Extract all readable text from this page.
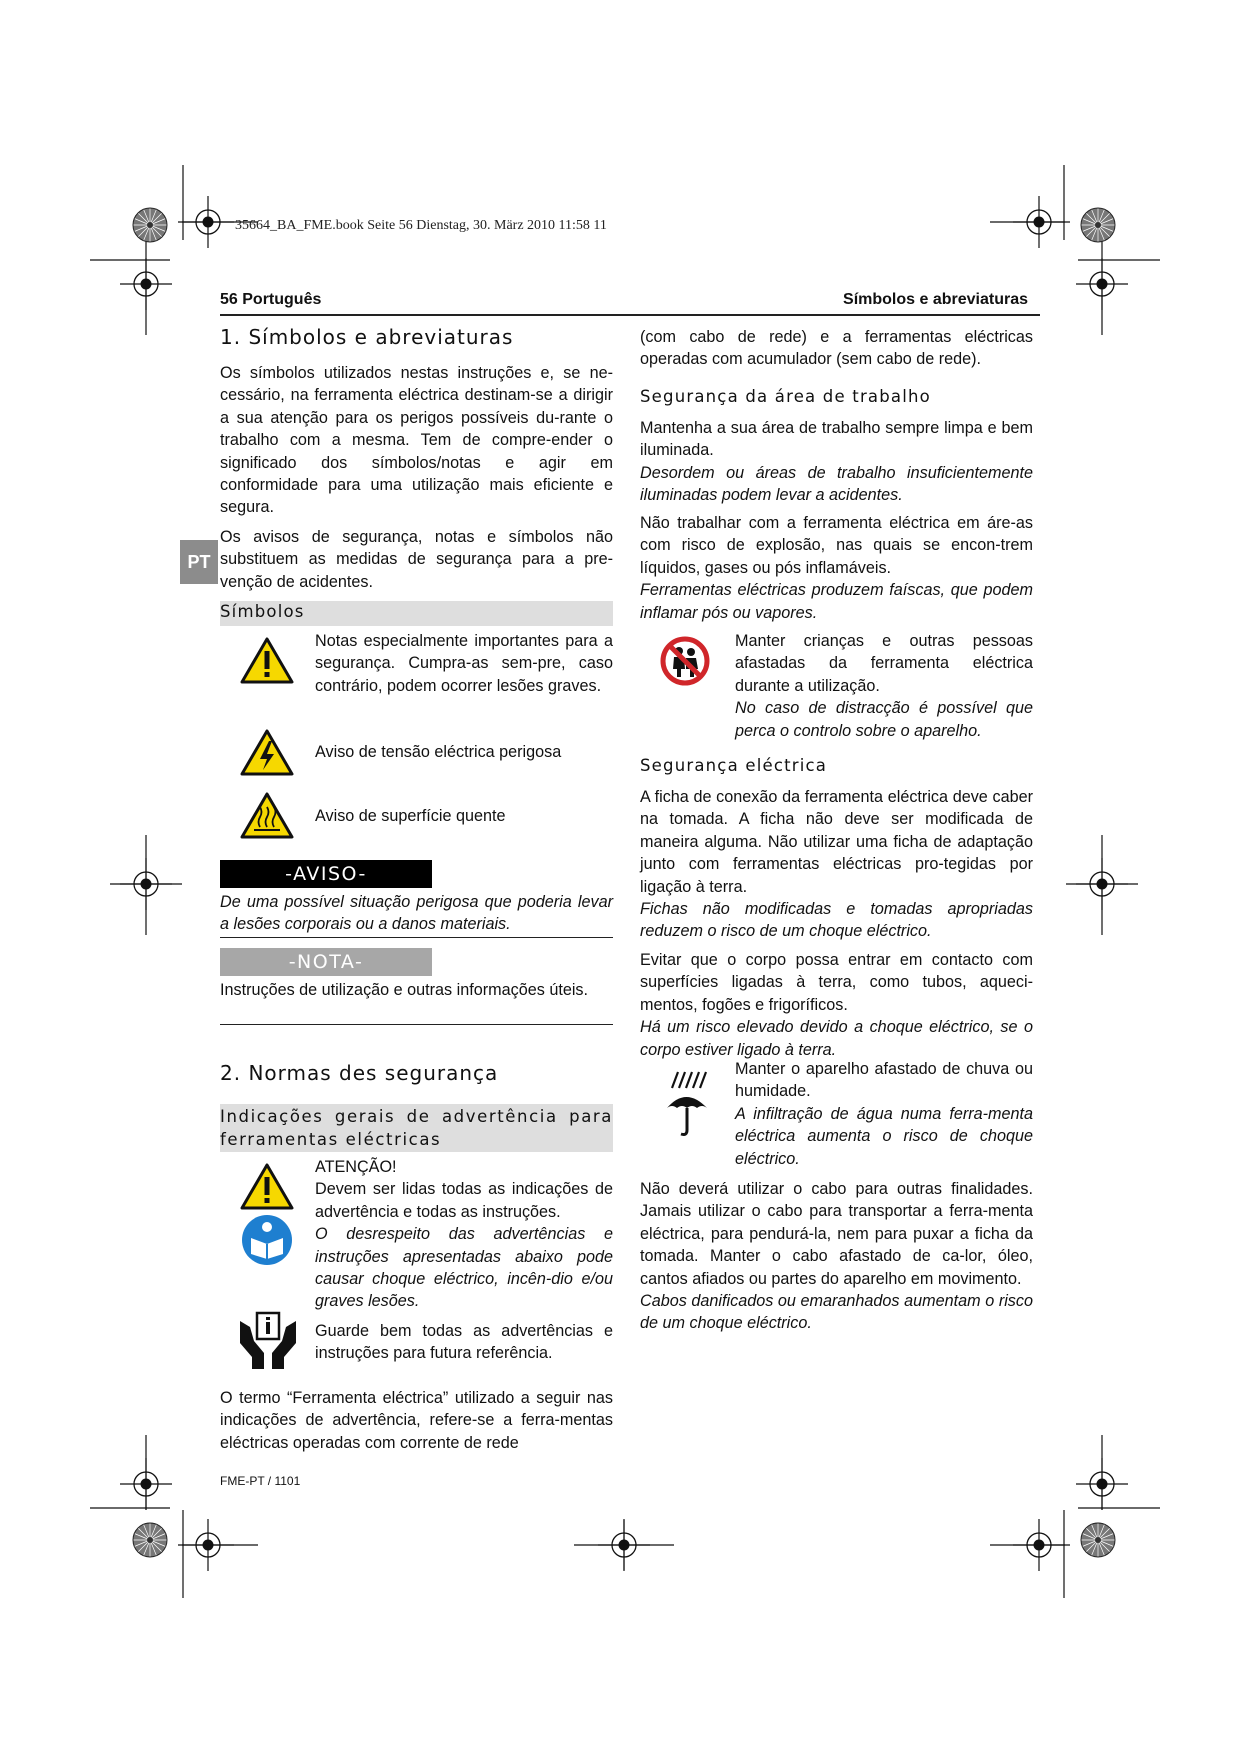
35664_BA_FME.book Seite 56 Dienstag, 30. März 2010 11:58 11
56 Português	Símbolos e abreviaturas
PT
1. Símbolos e abreviaturas

Os símbolos utilizados nestas instruções e, se ne-cessário, na ferramenta eléctrica destinam-se a dirigir a sua atenção para os perigos possíveis du-rante o trabalho com a mesma. Tem de compre-ender o significado dos símbolos/notas e agir em conformidade para uma utilização mais eficiente e segura.

Os avisos de segurança, notas e símbolos não substituem as medidas de segurança para a pre-venção de acidentes.

Símbolos

Notas especialmente importantes para a segurança. Cumpra-as sem-pre, caso contrário, podem ocorrer lesões graves.

Aviso de tensão eléctrica perigosa

Aviso de superfície quente

-AVISO-

De uma possível situação perigosa que poderia levar a lesões corporais ou a danos materiais.

-NOTA-

Instruções de utilização e outras informações úteis.

2. Normas des segurança
Indicações gerais de advertência para ferramentas eléctricas

ATENÇÃO!

Devem ser lidas todas as indicações de advertência e todas as instruções.

O desrespeito das advertências e instruções apresentadas abaixo pode causar choque eléctrico, incên-dio e/ou graves lesões.

Guarde bem todas as advertências e instruções para futura referência.

O termo “Ferramenta eléctrica” utilizado a seguir nas indicações de advertência, refere-se a ferra-mentas eléctricas operadas com corrente de rede

(com cabo de rede) e a ferramentas eléctricas operadas com acumulador (sem cabo de rede).

Segurança da área de trabalho

Mantenha a sua área de trabalho sempre limpa e bem iluminada.

Desordem ou áreas de trabalho insuficientemente iluminadas podem levar a acidentes.

Não trabalhar com a ferramenta eléctrica em áre-as com risco de explosão, nas quais se encon-trem líquidos, gases ou pós inflamáveis.

Ferramentas eléctricas produzem faíscas, que podem inflamar pós ou vapores.

Manter crianças e outras pessoas afastadas da ferramenta eléctrica durante a utilização.

No caso de distracção é possível que perca o controlo sobre o aparelho.

Segurança eléctrica

A ficha de conexão da ferramenta eléctrica deve caber na tomada. A ficha não deve ser modificada de maneira alguma. Não utilizar uma ficha de adaptação junto com ferramentas eléctricas pro-tegidas por ligação à terra.

Fichas não modificadas e tomadas apropriadas reduzem o risco de um choque eléctrico.

Evitar que o corpo possa entrar em contacto com superfícies ligadas à terra, como tubos, aqueci-mentos, fogões e frigoríficos.

Há um risco elevado devido a choque eléctrico, se o corpo estiver ligado à terra.

Manter o aparelho afastado de chuva ou humidade.

A infiltração de água numa ferra-menta eléctrica aumenta o risco de choque eléctrico.

Não deverá utilizar o cabo para outras finalidades. Jamais utilizar o cabo para transportar a ferra-menta eléctrica, para pendurá-la, nem para puxar a ficha da tomada. Manter o cabo afastado de ca-lor, óleo, cantos afiados ou partes do aparelho em movimento.

Cabos danificados ou emaranhados aumentam o risco de um choque eléctrico.

FME-PT / 1101
